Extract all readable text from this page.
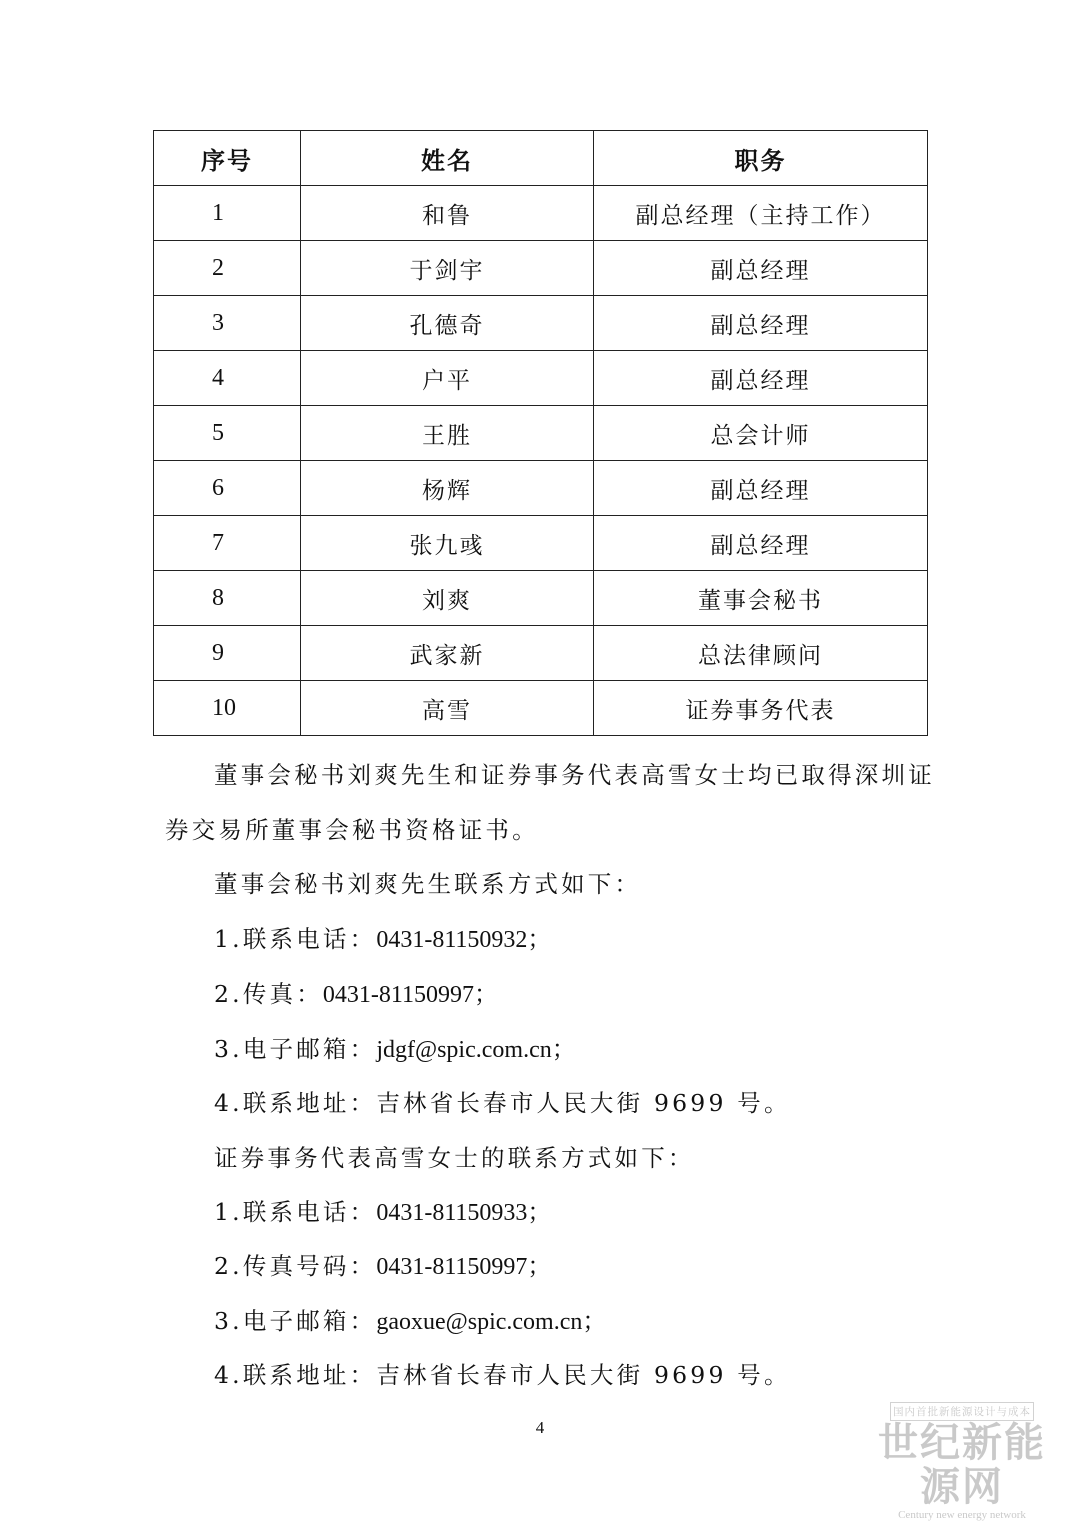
序号	姓名	职务
1	和鲁	副总经理（主持工作）
2	于剑宇	副总经理
3	孔德奇	副总经理
4	户平	副总经理
5	王胜	总会计师
6	杨辉	副总经理
7	张九彧	副总经理
8	刘爽	董事会秘书
9	武家新	总法律顾问
10	高雪	证券事务代表
董事会秘书刘爽先生和证券事务代表高雪女士均已取得深圳证
券交易所董事会秘书资格证书。
董事会秘书刘爽先生联系方式如下：
1.联系电话：0431-81150932；
2.传真：0431-81150997；
3.电子邮箱：jdgf@spic.com.cn；
4.联系地址：吉林省长春市人民大街 9699 号。
证券事务代表高雪女士的联系方式如下：
1.联系电话：0431-81150933；
2.传真号码：0431-81150997；
3.电子邮箱：gaoxue@spic.com.cn；
4.联系地址：吉林省长春市人民大街 9699 号。
4
国内首批新能源设计与成本
世纪新能源网
Century new energy network
